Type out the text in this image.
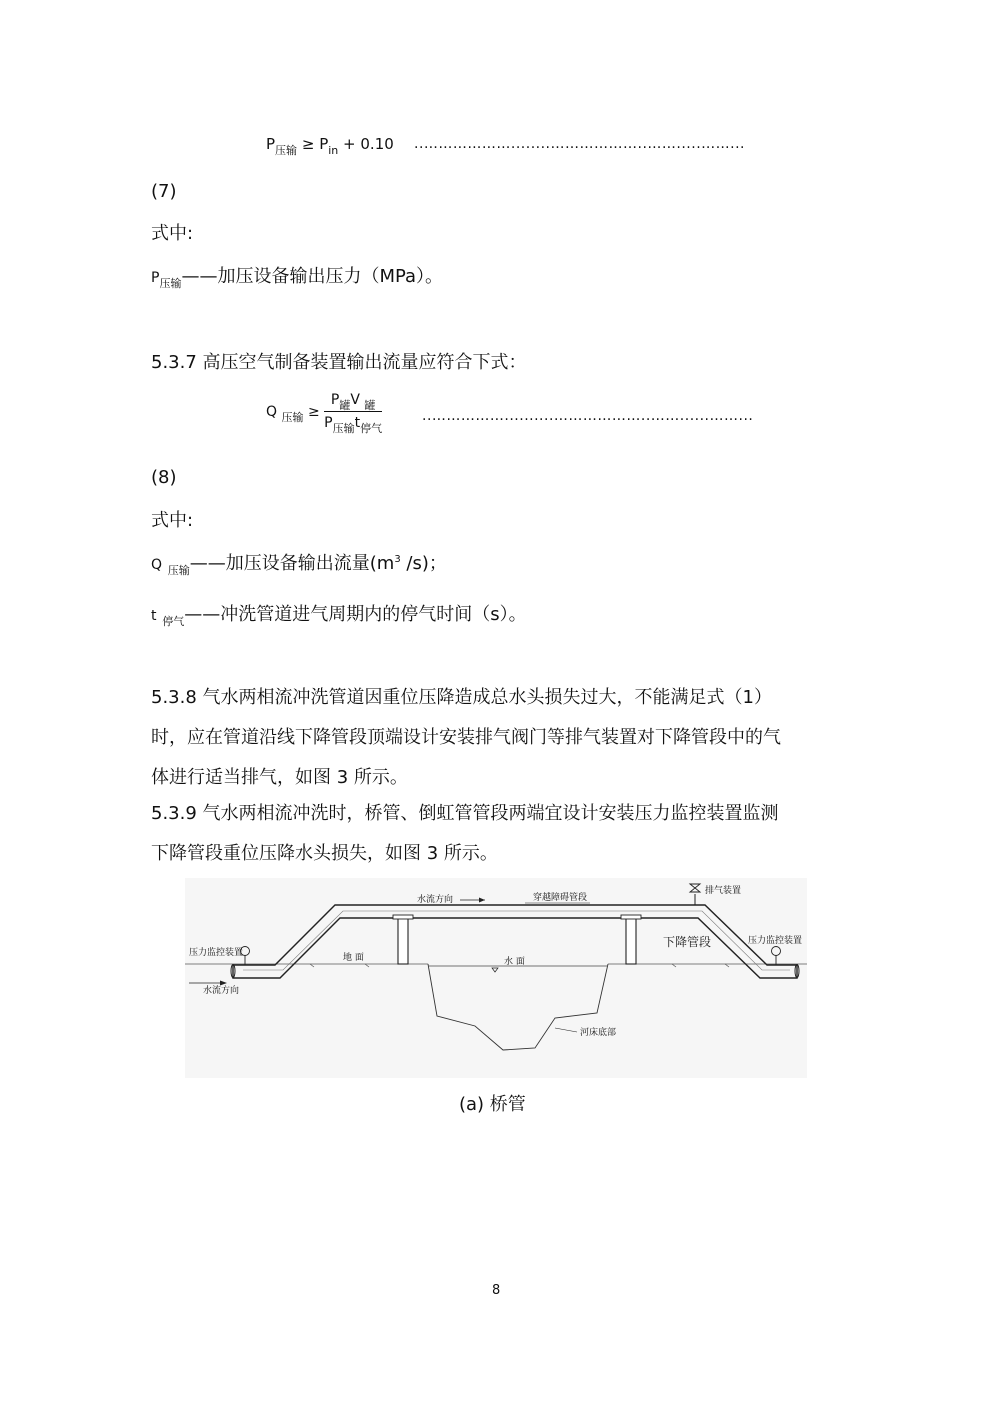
$P_{压输} \ge P_{in} + 0.10$ ..………………........………………..…….....……...
(7)
式中:
$P_{压输}——$加压设备输出压力（MPa）。
5.3.7 高压空气制备装置输出流量应符合下式：
Q $_{压输} \ge \frac{P_罐V _罐}{P_{压输}t_{停气}}$	..……………..........………………..……......……...
(8)
式中:
Q $_{压输}$——加压设备输出流量($m^3$ /s)；
t $_{停气}$——冲洗管道进气周期内的停气时间（s）。
5.3.8 气水两相流冲洗管道因重位压降造成总水头损失过大，不能满足式（1）
时，应在管道沿线下降管段顶端设计安装排气阀门等排气装置对下降管段中的气
体进行适当排气，如图 3 所示。
5.3.9 气水两相流冲洗时，桥管、倒虹管管段两端宜设计安装压力监控装置监测
下降管段重位压降水头损失，如图 3 所示。
排气装置
压力监控装置
压力监控装置
水流方向	穿越障碍管段
下降管段
地 面	水 面
水流方向
河床底部
(a) 桥管
8
